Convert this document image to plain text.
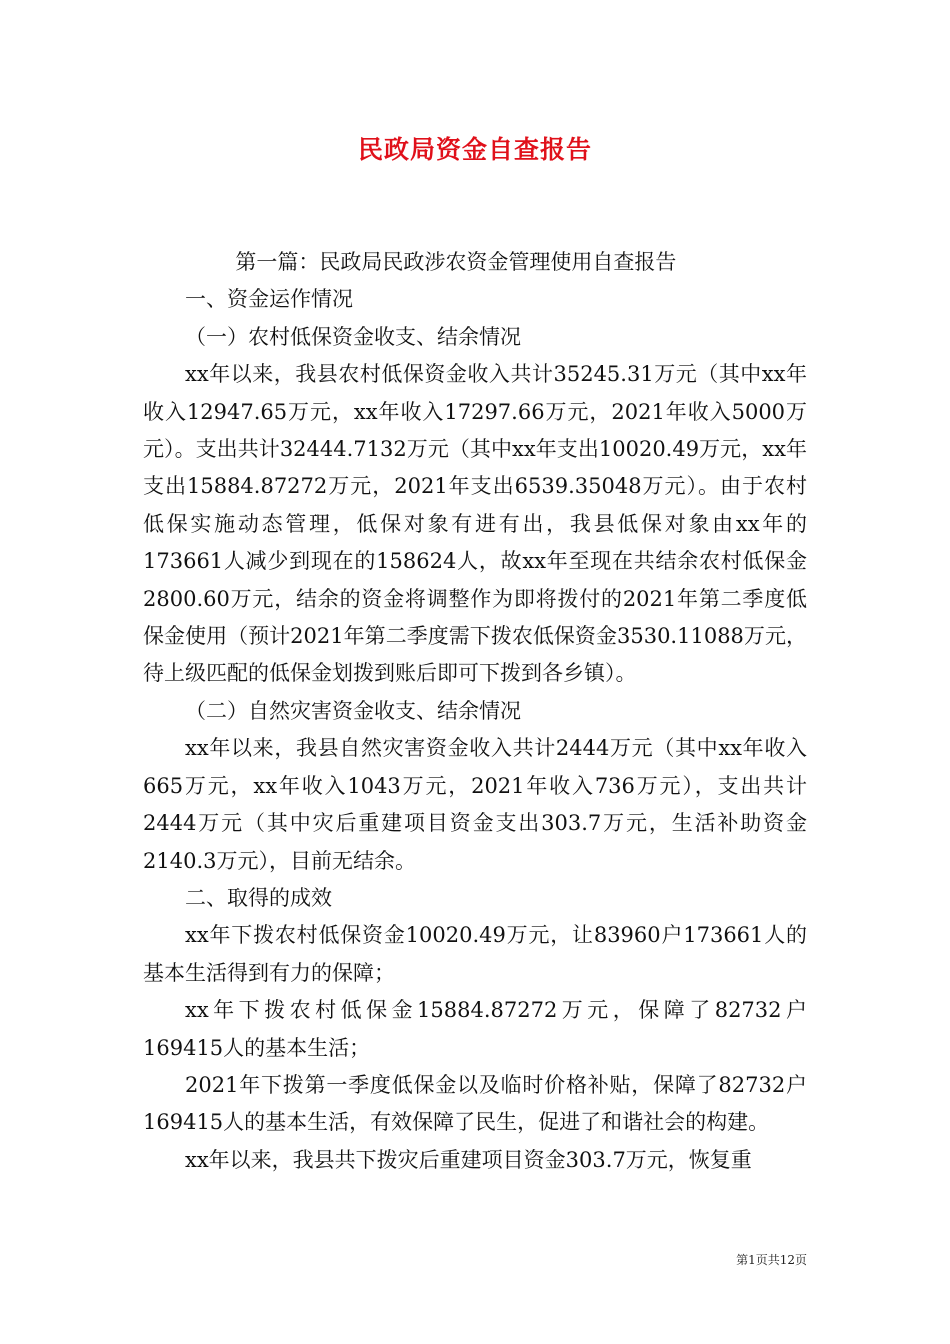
民政局资金自查报告

第一篇：民政局民政涉农资金管理使用自查报告

一、资金运作情况

（一）农村低保资金收支、结余情况

xx年以来，我县农村低保资金收入共计35245.31万元（其中xx年收入12947.65万元，xx年收入17297.66万元，2021年收入5000万元）。支出共计32444.7132万元（其中xx年支出10020.49万元，xx年支出15884.87272万元，2021年支出6539.35048万元）。由于农村低保实施动态管理，低保对象有进有出，我县低保对象由xx年的173661人减少到现在的158624人，故xx年至现在共结余农村低保金2800.60万元，结余的资金将调整作为即将拨付的2021年第二季度低保金使用（预计2021年第二季度需下拨农低保资金3530.11088万元，待上级匹配的低保金划拨到账后即可下拨到各乡镇）。

（二）自然灾害资金收支、结余情况

xx年以来，我县自然灾害资金收入共计2444万元（其中xx年收入665万元，xx年收入1043万元，2021年收入736万元），支出共计2444万元（其中灾后重建项目资金支出303.7万元，生活补助资金2140.3万元），目前无结余。

二、取得的成效

xx年下拨农村低保资金10020.49万元，让83960户173661人的基本生活得到有力的保障；

xx年下拨农村低保金15884.87272万元，保障了82732户169415人的基本生活；

2021年下拨第一季度低保金以及临时价格补贴，保障了82732户169415人的基本生活，有效保障了民生，促进了和谐社会的构建。

xx年以来，我县共下拨灾后重建项目资金303.7万元，恢复重

第1页共12页
